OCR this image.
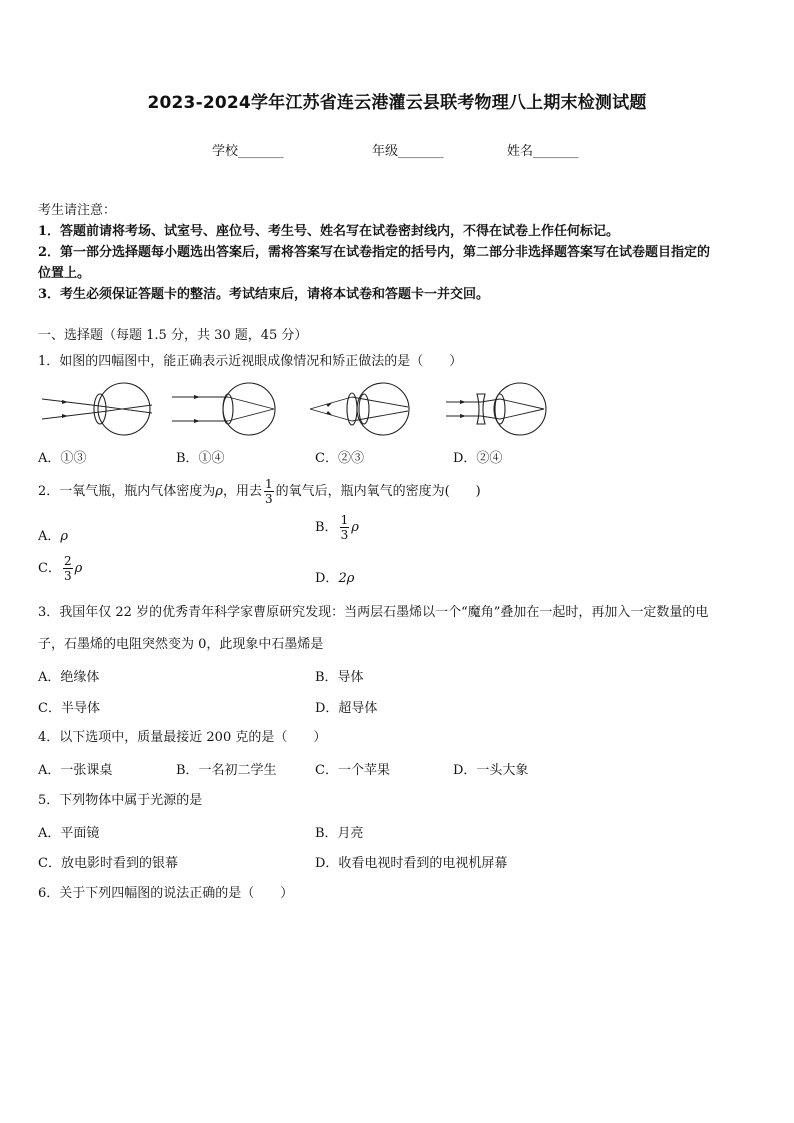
2023-2024学年江苏省连云港灌云县联考物理八上期末检测试题
学校_______	年级_______	姓名_______
考生请注意：
1．答题前请将考场、试室号、座位号、考生号、姓名写在试卷密封线内，不得在试卷上作任何标记。
2．第一部分选择题每小题选出答案后，需将答案写在试卷指定的括号内，第二部分非选择题答案写在试卷题目指定的
位置上。
3．考生必须保证答题卡的整洁。考试结束后，请将本试卷和答题卡一并交回。
一、选择题（每题 1.5 分，共 30 题，45 分）
1．如图的四幅图中，能正确表示近视眼成像情况和矫正做法的是（　　）
A．①③	B．①④	C．②③	D．②④
2．一氧气瓶，瓶内气体密度为ρ，用去 $\frac{1}{3}$ 的氧气后，瓶内氧气的密度为(　　)
A．ρ
B． $\frac{1}{3}$ ρ
C． $\frac{2}{3}$ ρ
D．2ρ
3．我国年仅 22 岁的优秀青年科学家曹原研究发现：当两层石墨烯以一个“魔角”叠加在一起时，再加入一定数量的电
子，石墨烯的电阻突然变为 0，此现象中石墨烯是
A．绝缘体	B．导体
C．半导体	D．超导体
4．以下选项中，质量最接近 200 克的是（　　）
A．一张课桌	B．一名初二学生	C．一个苹果	D．一头大象
5．下列物体中属于光源的是
A．平面镜	B．月亮
C．放电影时看到的银幕	D．收看电视时看到的电视机屏幕
6．关于下列四幅图的说法正确的是（　　）
